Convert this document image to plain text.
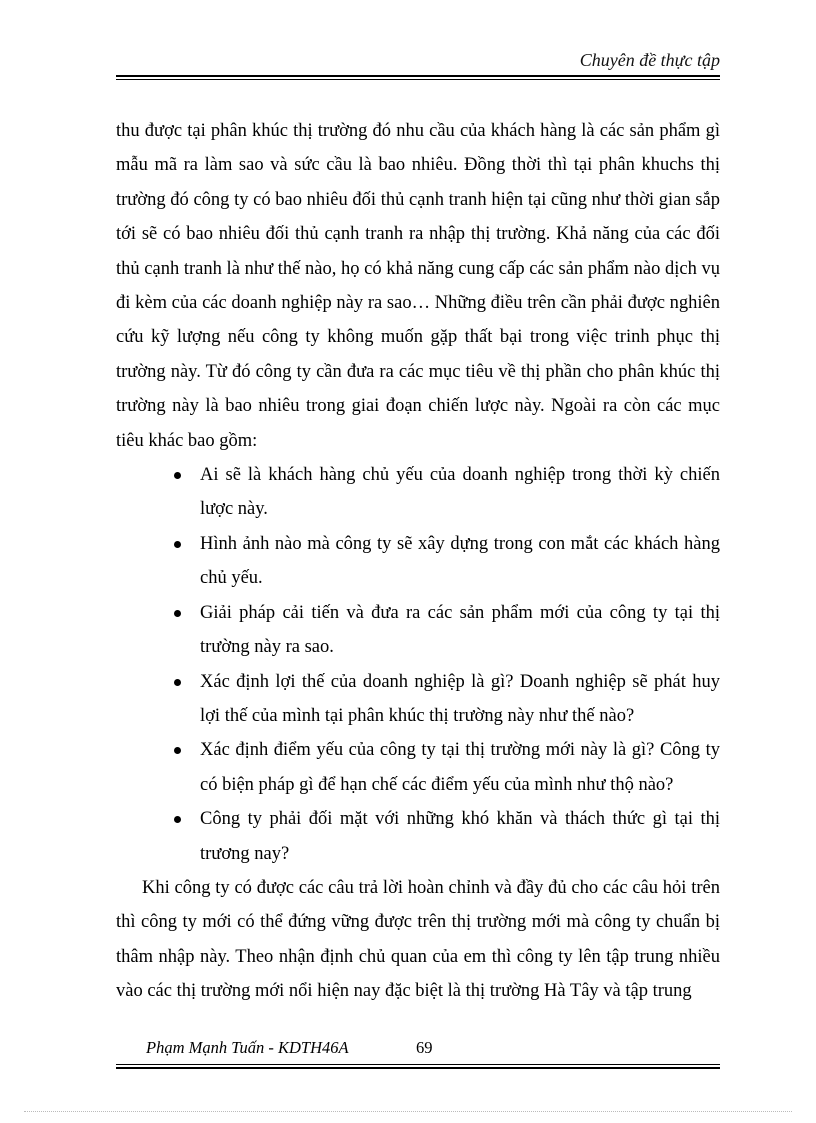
Chuyên đề thực tập

thu được tại phân khúc thị trường đó nhu cầu của khách hàng là các sản phẩm gì mẫu mã ra làm sao và sức cầu là bao nhiêu. Đồng thời thì tại phân khuchs thị trường đó công ty có bao nhiêu đối thủ cạnh tranh hiện tại cũng như thời gian sắp tới sẽ có bao nhiêu đối thủ cạnh tranh ra nhập thị trường. Khả năng của các đối thủ cạnh tranh là như thế nào, họ có khả năng cung cấp các sản phẩm nào dịch vụ đi kèm của các doanh nghiệp này ra sao… Những điều trên cần phải được nghiên cứu kỹ lượng nếu công ty không muốn gặp thất bại trong việc trinh phục thị trường này. Từ đó công ty cần đưa ra các mục tiêu về thị phần cho phân khúc thị trường này là bao nhiêu trong giai đoạn chiến lược này. Ngoài ra còn các mục tiêu khác bao gồm:

Ai sẽ là khách hàng chủ yếu của doanh nghiệp trong thời kỳ chiến lược này.
Hình ảnh nào mà công ty sẽ xây dựng trong con mắt các khách hàng chủ yếu.
Giải pháp cải tiến và đưa ra các sản phẩm mới của công ty tại thị trường này ra sao.
Xác định lợi thế của doanh nghiệp là gì? Doanh nghiệp sẽ phát huy lợi thế của mình tại phân khúc thị trường này như thế nào?
Xác định điểm yếu của công ty tại thị trường mới này là gì? Công ty có biện pháp gì để hạn chế các điểm yếu của mình như thộ nào?
Công ty phải đối mặt với những khó khăn và thách thức gì tại thị trương nay?

Khi công ty có được các câu trả lời hoàn chỉnh và đầy đủ cho các câu hỏi trên thì công ty mới có thể đứng vững được trên thị trường mới mà công ty chuẩn bị thâm nhập này. Theo nhận định chủ quan của em thì công ty lên tập trung nhiều vào các thị trường mới nổi hiện nay đặc biệt là thị trường Hà Tây và tập trung

Phạm Mạnh Tuấn - KDTH46A	69
